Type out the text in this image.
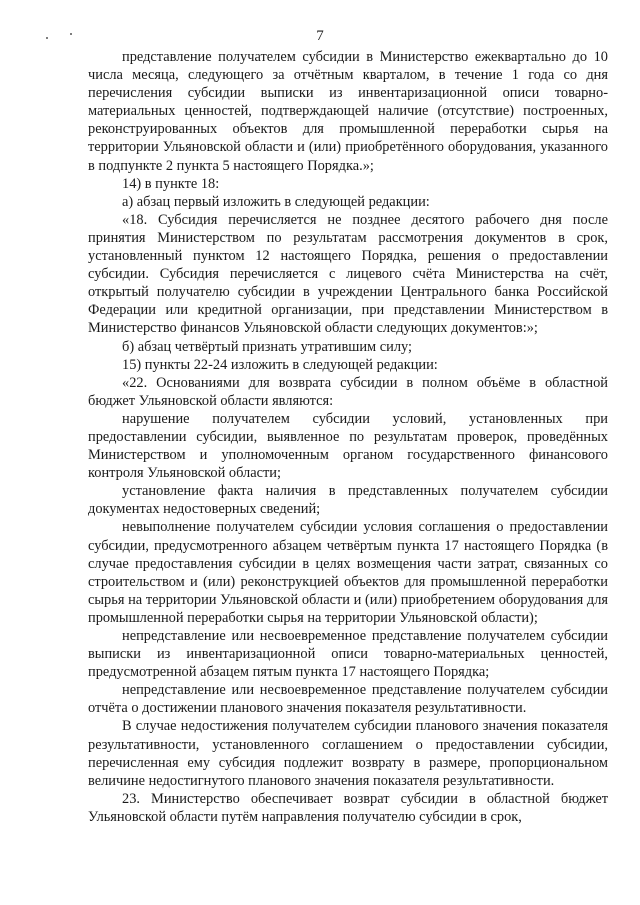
7

представление получателем субсидии в Министерство ежеквартально до 10 числа месяца, следующего за отчётным кварталом, в течение 1 года со дня перечисления субсидии выписки из инвентаризационной описи товарно-материальных ценностей, подтверждающей наличие (отсутствие) построенных, реконструированных объектов для промышленной переработки сырья на территории Ульяновской области и (или) приобретённого оборудования, указанного в подпункте 2 пункта 5 настоящего Порядка.»;

14) в пункте 18:

а) абзац первый изложить в следующей редакции:

«18. Субсидия перечисляется не позднее десятого рабочего дня после принятия Министерством по результатам рассмотрения документов в срок, установленный пунктом 12 настоящего Порядка, решения о предоставлении субсидии. Субсидия перечисляется с лицевого счёта Министерства на счёт, открытый получателю субсидии в учреждении Центрального банка Российской Федерации или кредитной организации, при представлении Министерством в Министерство финансов Ульяновской области следующих документов:»;

б) абзац четвёртый признать утратившим силу;

15) пункты 22-24 изложить в следующей редакции:

«22. Основаниями для возврата субсидии в полном объёме в областной бюджет Ульяновской области являются:

нарушение получателем субсидии условий, установленных при предоставлении субсидии, выявленное по результатам проверок, проведённых Министерством и уполномоченным органом государственного финансового контроля Ульяновской области;

установление факта наличия в представленных получателем субсидии документах недостоверных сведений;

невыполнение получателем субсидии условия соглашения о предоставлении субсидии, предусмотренного абзацем четвёртым пункта 17 настоящего Порядка (в случае предоставления субсидии в целях возмещения части затрат, связанных со строительством и (или) реконструкцией объектов для промышленной переработки сырья на территории Ульяновской области и (или) приобретением оборудования для промышленной переработки сырья на территории Ульяновской области);

непредставление или несвоевременное представление получателем субсидии выписки из инвентаризационной описи товарно-материальных ценностей, предусмотренной абзацем пятым пункта 17 настоящего Порядка;

непредставление или несвоевременное представление получателем субсидии отчёта о достижении планового значения показателя результативности.

В случае недостижения получателем субсидии планового значения показателя результативности, установленного соглашением о предоставлении субсидии, перечисленная ему субсидия подлежит возврату в размере, пропорциональном величине недостигнутого планового значения показателя результативности.

23. Министерство обеспечивает возврат субсидии в областной бюджет Ульяновской области путём направления получателю субсидии в срок,
